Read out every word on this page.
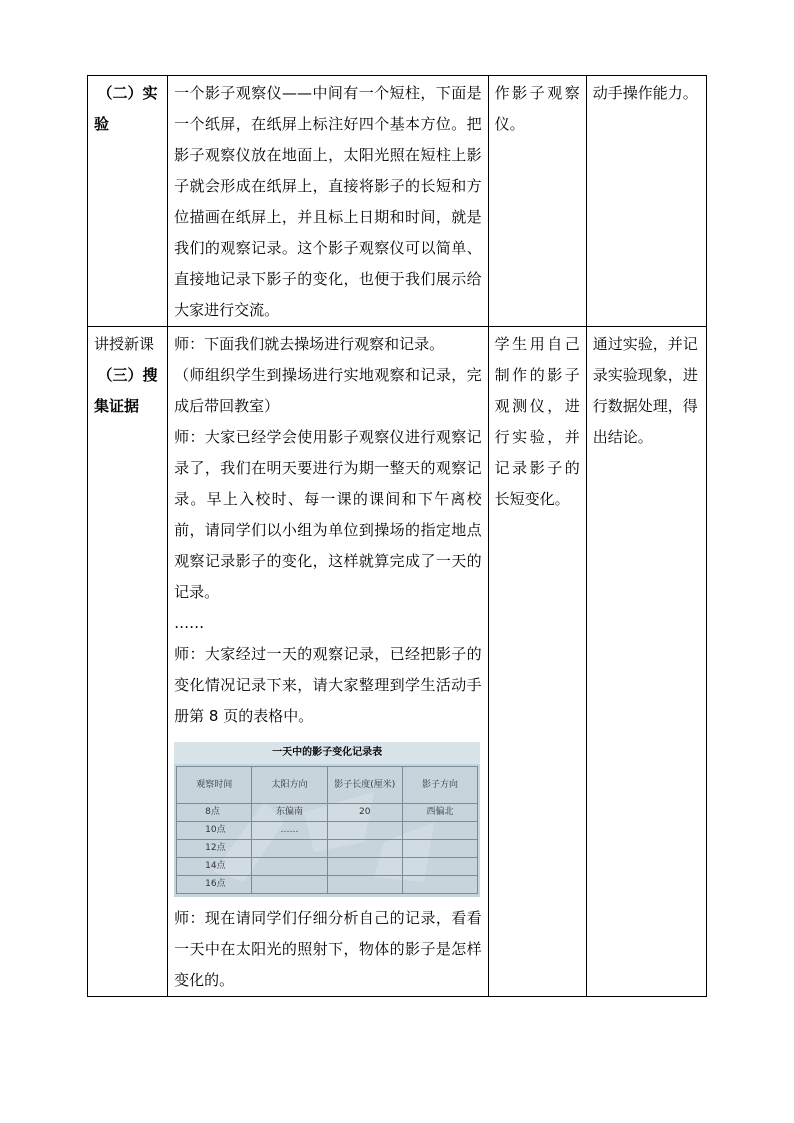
（二）实
验

一个影子观察仪——中间有一个短柱，下面是一个纸屏，在纸屏上标注好四个基本方位。把影子观察仪放在地面上，太阳光照在短柱上影子就会形成在纸屏上，直接将影子的长短和方位描画在纸屏上，并且标上日期和时间，就是我们的观察记录。这个影子观察仪可以简单、直接地记录下影子的变化，也便于我们展示给大家进行交流。
	作影子观察仪。	动手操作能力。

讲授新课
（三）搜
集证据

师：下面我们就去操场进行观察和记录。
（师组织学生到操场进行实地观察和记录，完成后带回教室）
师：大家已经学会使用影子观察仪进行观察记录了，我们在明天要进行为期一整天的观察记录。早上入校时、每一课的课间和下午离校前，请同学们以小组为单位到操场的指定地点观察记录影子的变化，这样就算完成了一天的记录。
……
师：大家经过一天的观察记录，已经把影子的变化情况记录下来，请大家整理到学生活动手册第 8 页的表格中。
一天中的影子变化记录表
观察时间	太阳方向	影子长度(厘米)	影子方向
8点	东偏南	20	西偏北
10点	……		
12点			
14点			
16点			
师：现在请同学们仔细分析自己的记录，看看一天中在太阳光的照射下，物体的影子是怎样变化的。
	学生用自己制作的影子观测仪，进行实验，并记录影子的长短变化。	通过实验，并记录实验现象，进行数据处理，得出结论。
